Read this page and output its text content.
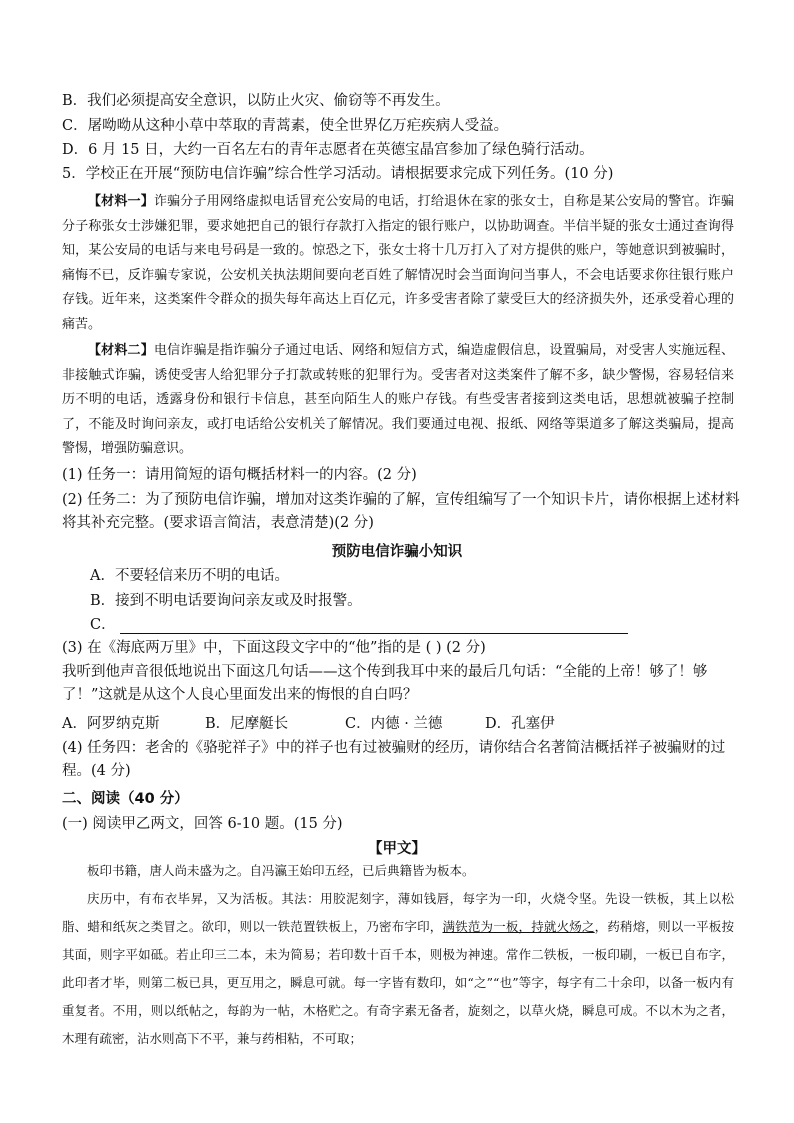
B．我们必须提高安全意识，以防止火灾、偷窃等不再发生。
C．屠呦呦从这种小草中萃取的青蒿素，使全世界亿万疟疾病人受益。
D．6 月 15 日，大约一百名左右的青年志愿者在英德宝晶宫参加了绿色骑行活动。
5．学校正在开展“预防电信诈骗”综合性学习活动。请根据要求完成下列任务。(10 分)
【材料一】诈骗分子用网络虚拟电话冒充公安局的电话，打给退休在家的张女士，自称是某公安局的警官。诈骗分子称张女士涉嫌犯罪，要求她把自己的银行存款打入指定的银行账户，以协助调查。半信半疑的张女士通过查询得知，某公安局的电话与来电号码是一致的。惊恐之下，张女士将十几万打入了对方提供的账户，等她意识到被骗时，痛悔不已，反诈骗专家说，公安机关执法期间要向老百姓了解情况时会当面询问当事人，不会电话要求你往银行账户存钱。近年来，这类案件令群众的损失每年高达上百亿元，许多受害者除了蒙受巨大的经济损失外，还承受着心理的痛苦。
【材料二】电信诈骗是指诈骗分子通过电话、网络和短信方式，编造虚假信息，设置骗局，对受害人实施远程、非接触式诈骗，诱使受害人给犯罪分子打款或转账的犯罪行为。受害者对这类案件了解不多，缺少警惕，容易轻信来历不明的电话，透露身份和银行卡信息，甚至向陌生人的账户存钱。有些受害者接到这类电话，思想就被骗子控制了，不能及时询问亲友，或打电话给公安机关了解情况。我们要通过电视、报纸、网络等渠道多了解这类骗局，提高警惕，增强防骗意识。
(1) 任务一：请用简短的语句概括材料一的内容。(2 分)
(2) 任务二：为了预防电信诈骗，增加对这类诈骗的了解，宣传组编写了一个知识卡片，请你根据上述材料将其补充完整。(要求语言简洁，表意清楚)(2 分)
预防电信诈骗小知识
A．不要轻信来历不明的电话。
B．接到不明电话要询问亲友或及时报警。
C．
(3) 在《海底两万里》中，下面这段文字中的“他”指的是 ( ) (2 分)
我听到他声音很低地说出下面这几句话——这个传到我耳中来的最后几句话：“全能的上帝！够了！够了！”这就是从这个人良心里面发出来的悔恨的自白吗？
A．阿罗纳克斯	B．尼摩艇长	C．内德 · 兰德	D．孔塞伊
(4) 任务四：老舍的《骆驼祥子》中的祥子也有过被骗财的经历，请你结合名著简洁概括祥子被骗财的过程。(4 分)
二、阅读（40 分）
(一) 阅读甲乙两文，回答 6-10 题。(15 分)
【甲文】
板印书籍，唐人尚未盛为之。自冯瀛王始印五经，已后典籍皆为板本。
庆历中，有布衣毕昇，又为活板。其法：用胶泥刻字，薄如钱唇，每字为一印，火烧令坚。先设一铁板，其上以松脂、蜡和纸灰之类冒之。欲印，则以一铁范置铁板上，乃密布字印，满铁范为一板，持就火炀之，药稍熔，则以一平板按其面，则字平如砥。若止印三二本，未为简易；若印数十百千本，则极为神速。常作二铁板，一板印刷，一板已自布字，此印者才毕，则第二板已具，更互用之，瞬息可就。每一字皆有数印，如“之”“也”等字，每字有二十余印，以备一板内有重复者。不用，则以纸帖之，每韵为一帖，木格贮之。有奇字素无备者，旋刻之，以草火烧，瞬息可成。不以木为之者，木理有疏密，沾水则高下不平，兼与药相粘，不可取；
